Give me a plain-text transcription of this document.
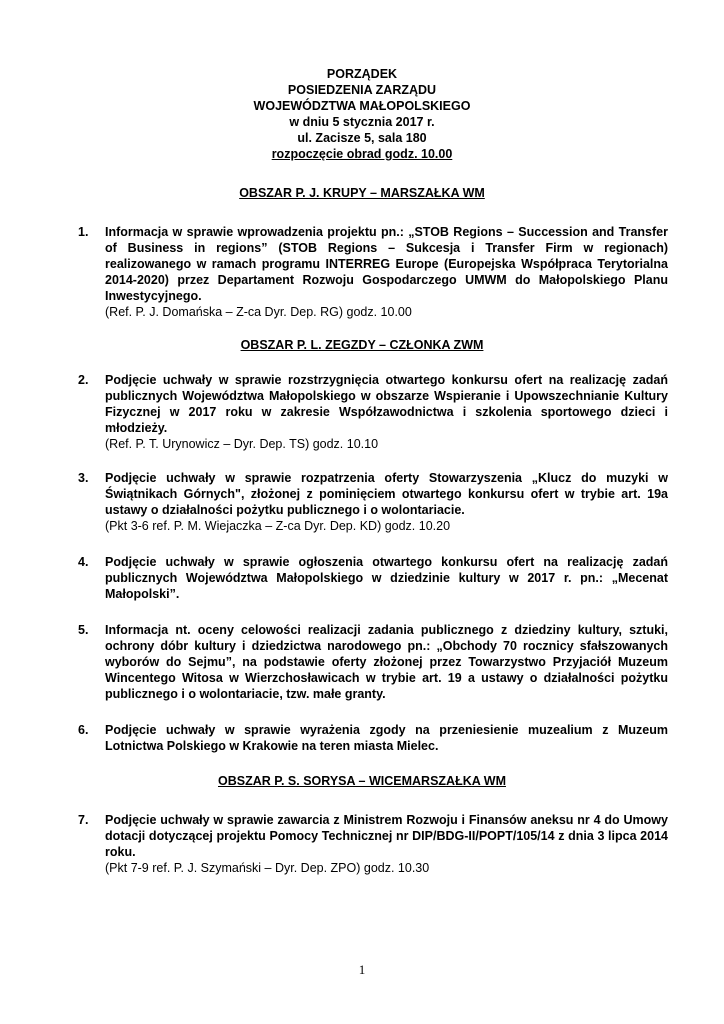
PORZĄDEK
POSIEDZENIA ZARZĄDU
WOJEWÓDZTWA MAŁOPOLSKIEGO
w dniu 5 stycznia 2017 r.
ul. Zacisze 5, sala 180
rozpoczęcie obrad godz. 10.00
OBSZAR P. J. KRUPY – MARSZAŁKA WM
1. Informacja w sprawie wprowadzenia projektu pn.: „STOB Regions – Succession and Transfer of Business in regions” (STOB Regions – Sukcesja i Transfer Firm w regionach) realizowanego w ramach programu INTERREG Europe (Europejska Współpraca Terytorialna 2014-2020) przez Departament Rozwoju Gospodarczego UMWM do Małopolskiego Planu Inwestycyjnego.
(Ref. P. J. Domańska – Z-ca Dyr. Dep. RG) godz. 10.00
OBSZAR P. L. ZEGZDY – CZŁONKA ZWM
2. Podjęcie uchwały w sprawie rozstrzygnięcia otwartego konkursu ofert na realizację zadań publicznych Województwa Małopolskiego w obszarze Wspieranie i Upowszechnianie Kultury Fizycznej w 2017 roku w zakresie Współzawodnictwa i szkolenia sportowego dzieci i młodzieży.
(Ref. P. T. Urynowicz – Dyr. Dep. TS) godz. 10.10
3. Podjęcie uchwały w sprawie rozpatrzenia oferty Stowarzyszenia „Klucz do muzyki w Świątnikach Górnych", złożonej z pominięciem otwartego konkursu ofert w trybie art. 19a ustawy o działalności pożytku publicznego i o wolontariacie.
(Pkt 3-6 ref. P. M. Wiejaczka – Z-ca Dyr. Dep. KD) godz. 10.20
4. Podjęcie uchwały w sprawie ogłoszenia otwartego konkursu ofert na realizację zadań publicznych Województwa Małopolskiego w dziedzinie kultury w 2017 r. pn.: „Mecenat Małopolski”.
5. Informacja nt. oceny celowości realizacji zadania publicznego z dziedziny kultury, sztuki, ochrony dóbr kultury i dziedzictwa narodowego pn.: „Obchody 70 rocznicy sfałszowanych wyborów do Sejmu”, na podstawie oferty złożonej przez Towarzystwo Przyjaciół Muzeum Wincentego Witosa w Wierzchosławicach w trybie art. 19 a ustawy o działalności pożytku publicznego i o wolontariacie, tzw. małe granty.
6. Podjęcie uchwały w sprawie wyrażenia zgody na przeniesienie muzealium z Muzeum Lotnictwa Polskiego w Krakowie na teren miasta Mielec.
OBSZAR P. S. SORYSA – WICEMARSZAŁKA WM
7. Podjęcie uchwały w sprawie zawarcia z Ministrem Rozwoju i Finansów aneksu nr 4 do Umowy dotacji dotyczącej projektu Pomocy Technicznej nr DIP/BDG-II/POPT/105/14 z dnia 3 lipca 2014 roku.
(Pkt 7-9 ref. P. J. Szymański – Dyr. Dep. ZPO) godz. 10.30
1
